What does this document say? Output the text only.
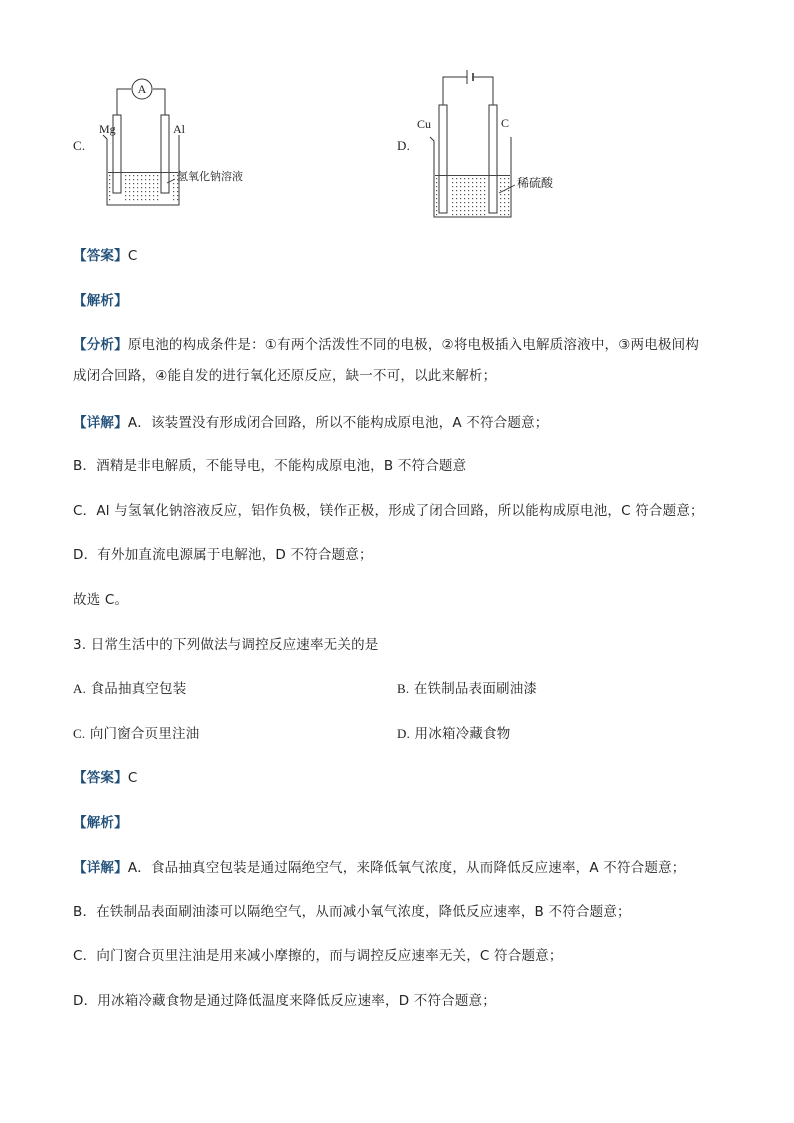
C.
A
Mg	Al
氢氧化钠溶液
D.
Cu	C
稀硫酸
【答案】C
【解析】
【分析】原电池的构成条件是：①有两个活泼性不同的电极，②将电极插入电解质溶液中，③两电极间构
成闭合回路，④能自发的进行氧化还原反应，缺一不可，以此来解析；
【详解】A．该装置没有形成闭合回路，所以不能构成原电池，A 不符合题意；
B．酒精是非电解质，不能导电，不能构成原电池，B 不符合题意
C．Al 与氢氧化钠溶液反应，铝作负极，镁作正极，形成了闭合回路，所以能构成原电池，C 符合题意；
D．有外加直流电源属于电解池，D 不符合题意；
故选 C。
3. 日常生活中的下列做法与调控反应速率无关的是
A. 食品抽真空包装	B. 在铁制品表面刷油漆
C. 向门窗合页里注油	D. 用冰箱冷藏食物
【答案】C
【解析】
【详解】A．食品抽真空包装是通过隔绝空气，来降低氧气浓度，从而降低反应速率，A 不符合题意；
B．在铁制品表面刷油漆可以隔绝空气，从而减小氧气浓度，降低反应速率，B 不符合题意；
C．向门窗合页里注油是用来减小摩擦的，而与调控反应速率无关，C 符合题意；
D．用冰箱冷藏食物是通过降低温度来降低反应速率，D 不符合题意；
